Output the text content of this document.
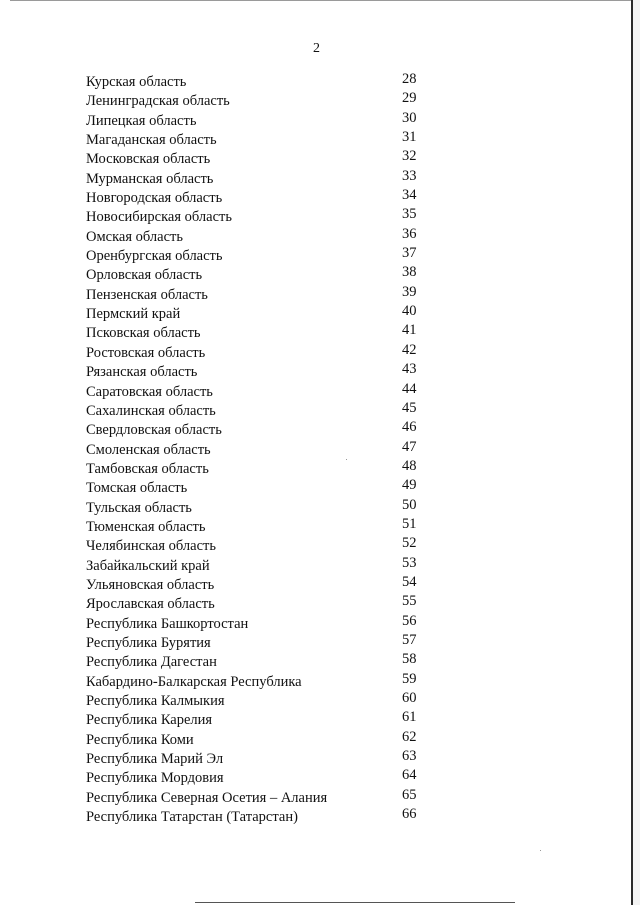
2
Курская область	28
Ленинградская область	29
Липецкая область	30
Магаданская область	31
Московская область	32
Мурманская область	33
Новгородская область	34
Новосибирская область	35
Омская область	36
Оренбургская область	37
Орловская область	38
Пензенская область	39
Пермский край	40
Псковская область	41
Ростовская область	42
Рязанская область	43
Саратовская область	44
Сахалинская область	45
Свердловская область	46
Смоленская область	47
Тамбовская область	48
Томская область	49
Тульская область	50
Тюменская область	51
Челябинская область	52
Забайкальский край	53
Ульяновская область	54
Ярославская область	55
Республика Башкортостан	56
Республика Бурятия	57
Республика Дагестан	58
Кабардино-Балкарская Республика	59
Республика Калмыкия	60
Республика Карелия	61
Республика Коми	62
Республика Марий Эл	63
Республика Мордовия	64
Республика Северная Осетия – Алания	65
Республика Татарстан (Татарстан)	66
